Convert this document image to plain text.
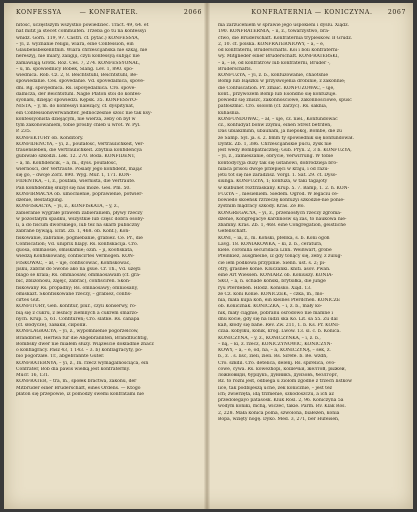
KONFESSYA	— KONFRATER.	2066	KONFRATERNIA — KONICZYNA.	2067
nitość, uczęstszym wszystko powiedzieć. Tract. 49, 64. et
hat mitit ja stecet commuiten. Trzeba go tu na konfessyi
wnidź. Gorn. 119, 97. Castri. cf. pytać.) KONFESSYA,
– yi, z. wyznanie religii, wiara, eine Confession, ein
Glaubensbekenntniß. Wiara chrześcijańska nie szkaj, nie
hereszyj, nie miary, zaligiji, czyli konfessyą subjąć nie
zamawiają Grotk. Roz. Ces. 7, 274. KONFESSYONAŁ,
– u, m. spowiednicy Bobek, Slang. Lev. 1, 890. spo-
wiednica. Rob. Cz. 2, 8. Beichtstuhl, Beichtstuhl, Be-
śpowiedanie. Ces. spovedanie. Vd. spovedalnica, spove-
dni. Rg. spovjednica. Rs. ispovjedalnica. Cro. spove-
dalnicza, der Beichtstuhl. Nagle Płaton stoi do konfes-
syonału, dziejąc spowiedzi. Kępsk. 35. KONFESSYO-
NISTA, – y, m. do konfessyi należący, cf. dyspitynat,
ein Confessionsverwandter. Jednocześnie szóić nie tak ksy-
konfessyonista dziejącym, nie wierza, żeby on był w
tym zakonowaniem, tobie prośby chleb u wrot. W. Pyl.
P. 235.
KONFEKTURY ob. Konditory.
KONFIDENCYA, – yi, z., poufałość, Vertraulichkeit, Ver-
trauensleben, die Vertraulichkeit. Zbytnia konfidencya
gubiwało szkodzi. Lek. 12. 270. Boda. KONFIDENT,
– a, m. Konfidencik, – a, m., dyss. poufałość,
wierności, der Vertraute. Posiały jego konfident, mając
się go, – dwoje Zorz. 890. Wyg. Mur. 1, 171. KON-
FIDENTKA, – i, z., poufała, wiernista, die Vertraute.
Pan konfidentkę służył się nas może. Ges. Pm. 50.
KONFIRMACYA ob. umocnienie, poprawienie, potwier-
dzenie, Bestätigung.
KONFISKACYA, – yi, z., KONFISKATA, – y, z.,
zabieranie wygrałe prawem zabieraniem, pływy rzeczy
w pozostałym spadku, wszystkie lub część dobra osoby-
li, a do fiscum dworskiego, lub też na skarb publiczny
zabrane bywają. Erat. Zb. 1, 468. ob. Konf.), Kon-
fiskowanie, zabranie, pogniebanie, grabież. Ce. Pr., die
Confiscation; Vd. uniprix hlapy. Rs. konfiskacija. Cro.
quosa, ommaosie, omiskamie; oziń. – ji, koofiskata,
wiedzą Konfiskowany, confiscirtes Vermögen. KON-
FISKOWAĆ, – ał, – uje, confiscować, Konfiskować,
Jiśku, zabrał do Swoho ako na gsue. Cr. Th., Vd. uzejti
blago se krala; Rs. ommaosaw, ommaosawam (cf. gra-
bić, zbliżonosu, zajéjć, zabrać), confisciren. Skon-
fiskowany Rs. propadny; Rs. omnaosawy; omniosany,
omiskazt. Skonfiskowane rzeczy, – grabież, confis-
cirtes Gut.
KONFITURY, Gen. konfitur, plur., czyli konserwy, ro-
bią się z cukru, z leśnicy ziemnych a cukrem smarzo-
nych. Krup. 5, 61. Confituren; Cro. slatke. Rs. cahapa
(cf. słodycze), заваки, сиропи.
KONFLAGRACYA, – yi, z., wypomnienie pogorzelców,
Brandbrief, Hertwa für die Abgebrannten, Brandflüchtig,
Bombsky dwer nie miałem służy. Wiążeście dokładnie znacz
o konflagracy. Pasz 43, 1 143. – 3. b) konflagracyty, po-
bio pogorzałe. Tr., abgebrannte Güter.
KONFRATERNYA, – yi, z., In. rzecz wymagalnościąca, ein
Confrater, Bob dla pawis wielką jest konfratermy.
Mucr. 16, 131.
KONFRATER, – tra, m., społek bractwa, zakonu, der
Mitbruder einer Brüderschaft, eines Ordens. — Któgo
płaton się przepowie, iż pomódzy swemi konfratami nie
ma zarzuceniem w sprawie jego uspokieni i dyslu. Xiądz.
190. KONFRATERNIA, – ii, z., towarzystwo, bra-
ctwo, die Brüderschaft. Konfraternia tryplesków. Ił Grudz.
2, 10. cf. polska. KONFRATERNIOWY, – a, – e,
od konfraterni, Brüderschafts. Koi i boli konfraterni-
wy. Mitglieder einer Brüderschaft. KONFRATERSKI,
– a, – ie, od konfratrów lub konfraterni, Bruder -,
Brüderschafts.
KONFUZYA, – yi, z. b., konfuzowanie, chaotsnie
Bomp lub Isąszku w przyswojenia drobinie, z zakonnie;
die Confuścation. Pr. zmaić. KONFUZOWAĆ, – uje,
kont., przywozem Bomp lub Esondno się konfuzuje.
powiedz się zniszć, zakonnościowe, zakonnościowe, spuść
patłoszmić. Cro. ssólom (cf. zarzyć). Rs. saknia,
kuhasnia.
KONFUNDOWAĆ, – ał, – uje, cz. niĕl., Konfundować
cz., konfudyat bonw zzymu, einen Streit betrifen,
Das ubiakiminn, ubaunam, ja niepokój, Bombe, die zu
ze Samp. Syl. ja. s. 2. bmm ty spowiednik się konfundował.
Dyntk. Zb. 1, 386. Chrześcijańskie pucu, zysk nie
jest wedy Bombpatnicznej; Gub. Pryn. 2, 3 b. KONFUZYA,
– yi, z., zamieszanie, obrycie, Verwirrung. W tobie
kontodycyja duży tak się ustanowi, dobrodzieja bro-
nilaca prisou dwoje przepięci w kraju, i od razu-
jetu tot się nie zaradzisz. Vorgl. 1. Sat. 29. ct. Dyso-
siunga. KONFUZYA, 1; konfuza, w taki tagajoty
w kułbunet roztrzaskany. Krup. 5. 7. Bamp, 1. 2. h. KON-
FUZYA – , niesieniem. Siedem. Ogrod. W legaciu ce-
bowiedo skoeńsk rzrzeczę konfuzyi szkodzie-nie ponie-
żystnim mądracy szkody. Kras. Ze Bo.
KONGREGACYA, – yi, z., przeniosłych rzeczy zgroma-
dzenie, Kongregacye kardinosw są zaś, to naukowa nie-
zbamny. Kras. Zb. 1, 468. eine Congregation, geistliche
Gefellschaft.
KONI, – ia, z., m. Koński, pfeßka, s. b. Koni ogoń
Lavg. 18. KONIAKOWKA, – ki, z. b., ceratura,
kiele. coronilla securidaca Linn. Weißwart, grobe
Pfeißkiez, ausgmeine, iż gdy tonący się, żeby, z zulug-
cie iem podkowa przypinie. Sienn. ust. s. 2; pi-
otry, grasnee konie. Kluczanki. kniti. asov. Pwan.
eine Art Wiessen. KONIARZ ob. Koniuszy. KONIA-
SKO, – a, n. schade koński, brytsiłka, die junge
ryu Pferdeben. Hlodz. Konisko. Xiąd. 13.
ze Cz. koni Konie. KONICZEK, – czka, m., mo-
nia, mała kupa koń, ein kleines Pferdchen. KONICZE
ob. Konicznak. KONICZKA, – i, z. b., mały ko-
nik, mały ciągnie, pobranu ośrodowo nie mamne i
dnu kocie, gdy się na ludzi ska Ko. Lit. sa 55. Zu dal
kaß, kłody się bahe. Rev. Zw. 211, 1. b. Ks. Pr. KONI-
czaa. kobylku, konik, krog. Lwow. 13. śl. c. b. Konica.
KONICZYNA, – y, z., KONICZYNKA, – i, z. b.,
– ną, – ki, z. rzecz, KONICZYNOWIC, KONICZYN-
KOWY, – a, – e, od, na, – a, KONICZYNĄ, – sek, z.
b., z. . ś. liść, zieli, zieli. Rs. Sirefe. b. Be. wzdh,
Cro. szkdil. Cro. detelica, delenj. Rs. spirelica, ovo-
cowe, cywa. Rs. kowezhopi, кошечьи, желтой, рыжеи,
ложновидн, бурцукъ, дунникъ, дунзовъ, безлгорт,
Rz. to różni jest, odbiega u ziolom zgodne z trzech listków
lice, tak podbijeszą ucne, żek konicznie, – jest też
ich; zwierzęta, idą trzmenie, szkodoszczu, a ich aż
przedolegayo patasosk. Kluk Rośl. 2, 96. Koniczyna 5a
wodym koniki, mchą, wiczec, takie. Parm. Rv. Klak Roś.
2, 228. Mała konica polna, szwolona, białezen, konia
Bopa, wzięty nogę. Dyko. Med. 3, 271, ber Hufeisen,
